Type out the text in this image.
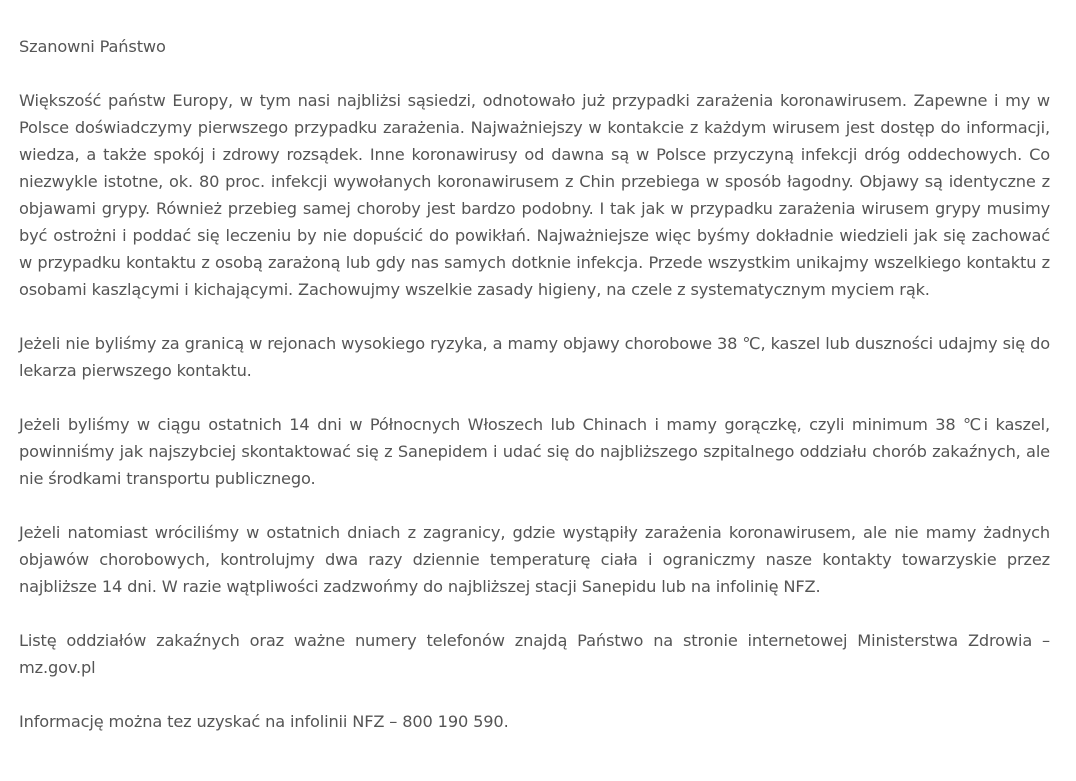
Szanowni Państwo

Większość państw Europy, w tym nasi najbliżsi sąsiedzi, odnotowało już przypadki zarażenia koronawirusem. Zapewne i my w Polsce doświadczymy pierwszego przypadku zarażenia. Najważniejszy w kontakcie z każdym wirusem jest dostęp do informacji, wiedza, a także spokój i zdrowy rozsądek. Inne koronawirusy od dawna są w Polsce przyczyną infekcji dróg oddechowych. Co niezwykle istotne, ok. 80 proc. infekcji wywołanych koronawirusem z Chin przebiega w sposób łagodny. Objawy są identyczne z objawami grypy. Również przebieg samej choroby jest bardzo podobny. I tak jak w przypadku zarażenia wirusem grypy musimy być ostrożni i poddać się leczeniu by nie dopuścić do powikłań. Najważniejsze więc byśmy dokładnie wiedzieli jak się zachować w przypadku kontaktu z osobą zarażoną lub gdy nas samych dotknie infekcja. Przede wszystkim unikajmy wszelkiego kontaktu z osobami kaszlącymi i kichającymi. Zachowujmy wszelkie zasady higieny, na czele z systematycznym myciem rąk.

Jeżeli nie byliśmy za granicą w rejonach wysokiego ryzyka, a mamy objawy chorobowe 38 ℃, kaszel lub duszności udajmy się do lekarza pierwszego kontaktu.

Jeżeli byliśmy w ciągu ostatnich 14 dni w Północnych Włoszech lub Chinach i mamy gorączkę, czyli minimum 38 ℃i kaszel, powinniśmy jak najszybciej skontaktować się z Sanepidem i udać się do najbliższego szpitalnego oddziału chorób zakaźnych, ale nie środkami transportu publicznego.

Jeżeli natomiast wróciliśmy w ostatnich dniach z zagranicy, gdzie wystąpiły zarażenia koronawirusem, ale nie mamy żadnych objawów chorobowych, kontrolujmy dwa razy dziennie temperaturę ciała i ograniczmy nasze kontakty towarzyskie przez najbliższe 14 dni. W razie wątpliwości zadzwońmy do najbliższej stacji Sanepidu lub na infolinię NFZ.

Listę oddziałów zakaźnych oraz ważne numery telefonów znajdą Państwo na stronie internetowej Ministerstwa Zdrowia – mz.gov.pl

Informację można tez uzyskać na infolinii NFZ – 800 190 590.
